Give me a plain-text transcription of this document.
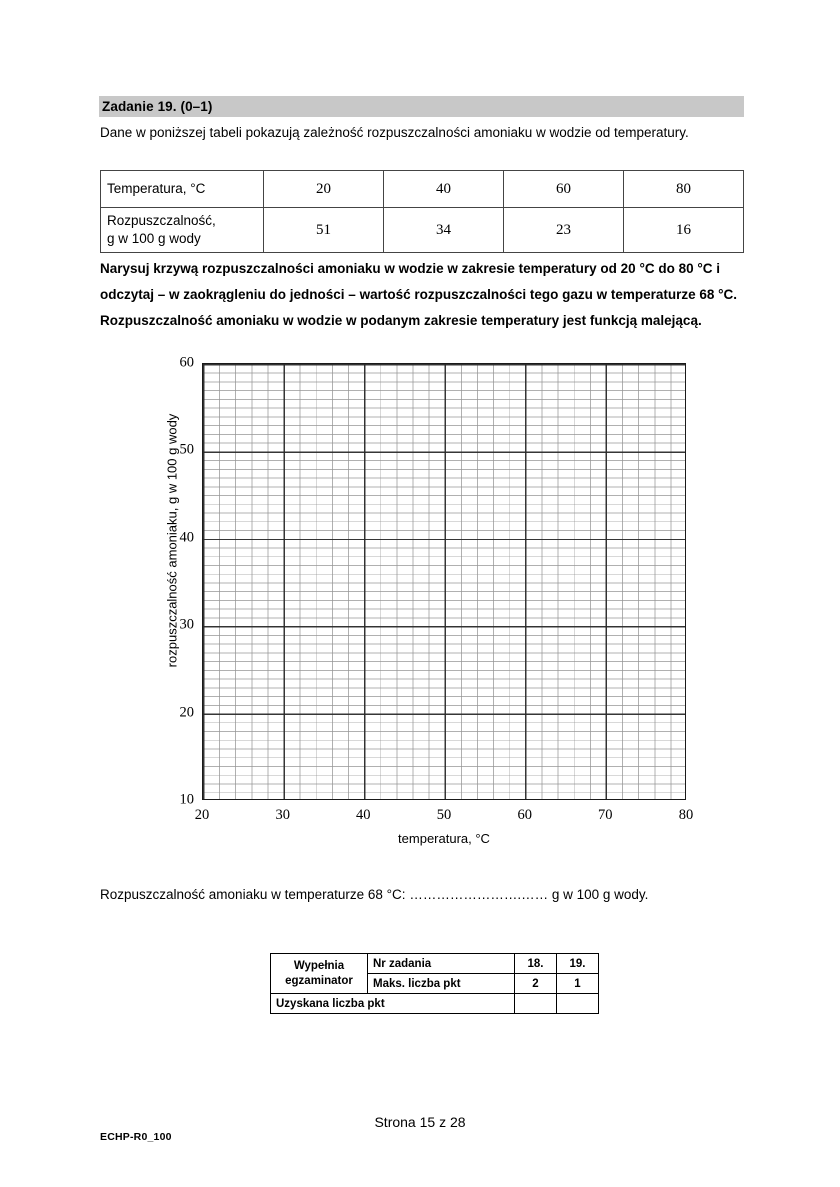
Zadanie 19. (0–1)
Dane w poniższej tabeli pokazują zależność rozpuszczalności amoniaku w wodzie od temperatury.
Temperatura, °C	20	40	60	80
Rozpuszczalność,
g w 100 g wody	51	34	23	16
Narysuj krzywą rozpuszczalności amoniaku w wodzie w zakresie temperatury od 20 °C do 80 °C i odczytaj – w zaokrągleniu do jedności – wartość rozpuszczalności tego gazu w temperaturze 68 °C. Rozpuszczalność amoniaku w wodzie w podanym zakresie temperatury jest funkcją malejącą.
60
50
40
30
20
10
20	30	40	50	60	70	80
rozpuszczalność amoniaku, g w 100 g wody
temperatura, °C
Rozpuszczalność amoniaku w temperaturze 68 °C: …………………….…… g w 100 g wody.
Wypełnia
egzaminator	Nr zadania	18.	19.
	Maks. liczba pkt	2	1
Uzyskana liczba pkt			
ECHP-R0_100
Strona 15 z 28
